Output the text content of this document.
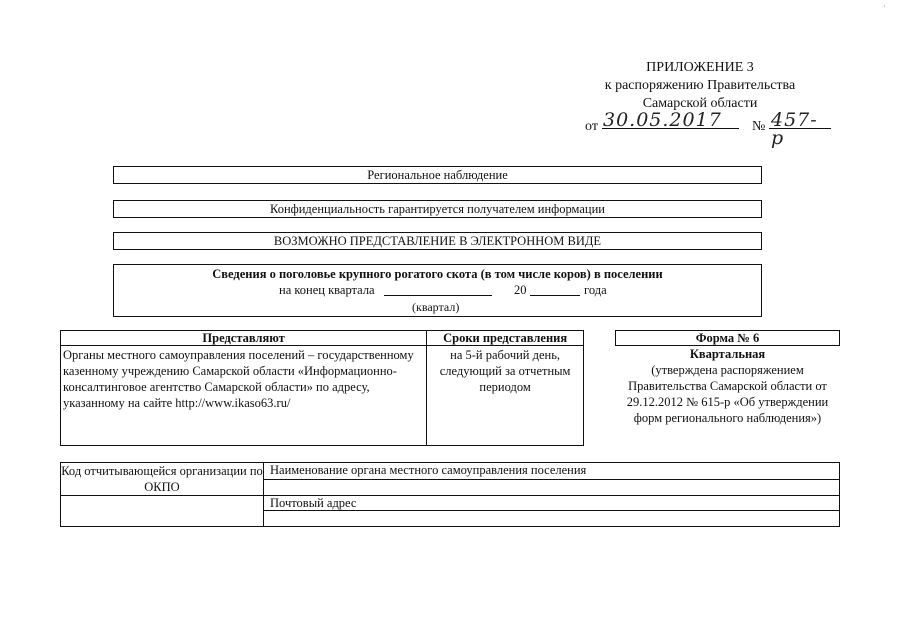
·
ПРИЛОЖЕНИЕ 3
к распоряжению Правительства
Самарской области
от 30.05.2017 № 457-р
Региональное наблюдение
Конфиденциальность гарантируется получателем информации
ВОЗМОЖНО ПРЕДСТАВЛЕНИЕ В ЭЛЕКТРОННОМ ВИДЕ
Сведения о поголовье крупного рогатого скота (в том числе коров) в поселении
на конец квартала	20	года
(квартал)
Представляют	Сроки представления
Органы местного самоуправления поселений – государственному казенному учреждению Самарской области «Информационно-консалтинговое агентство Самарской области» по адресу, указанному на сайте http://www.ikaso63.ru/	на 5-й рабочий день, следующий за отчетным периодом
Форма № 6
Квартальная
(утверждена распоряжением Правительства Самарской области от 29.12.2012 № 615-р «Об утверждении форм регионального наблюдения»)
Код отчитывающейся организации по ОКПО	Наименование органа местного самоуправления поселения

	Почтовый адрес
